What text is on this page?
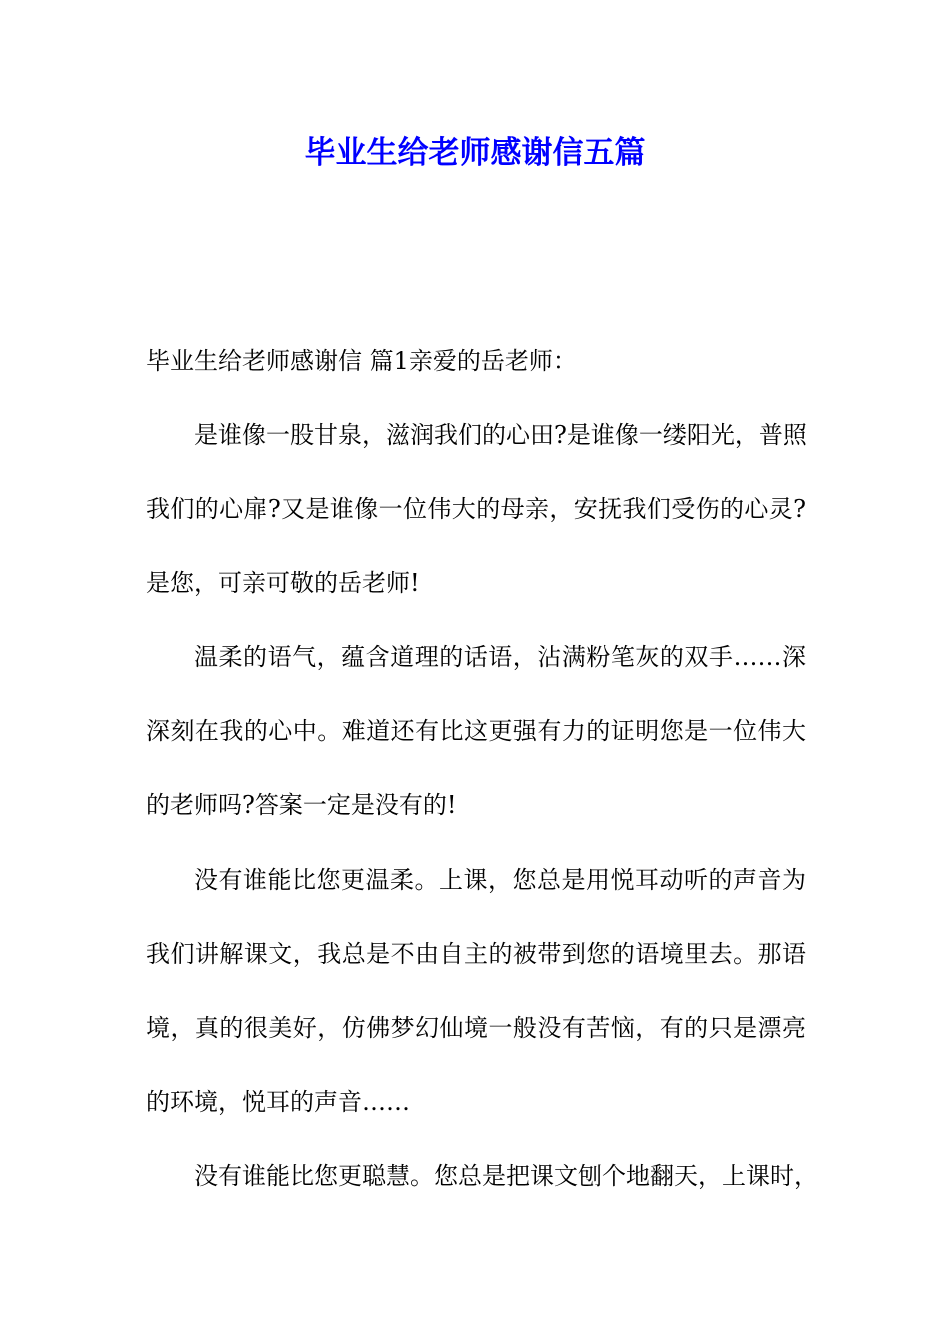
毕业生给老师感谢信五篇

毕业生给老师感谢信 篇1亲爱的岳老师：

是谁像一股甘泉，滋润我们的心田?是谁像一缕阳光，普照

我们的心扉?又是谁像一位伟大的母亲，安抚我们受伤的心灵?

是您，可亲可敬的岳老师!

温柔的语气，蕴含道理的话语，沾满粉笔灰的双手……深

深刻在我的心中。难道还有比这更强有力的证明您是一位伟大

的老师吗?答案一定是没有的!

没有谁能比您更温柔。上课，您总是用悦耳动听的声音为

我们讲解课文，我总是不由自主的被带到您的语境里去。那语

境，真的很美好，仿佛梦幻仙境一般没有苦恼，有的只是漂亮

的环境，悦耳的声音……

没有谁能比您更聪慧。您总是把课文刨个地翻天，上课时，
